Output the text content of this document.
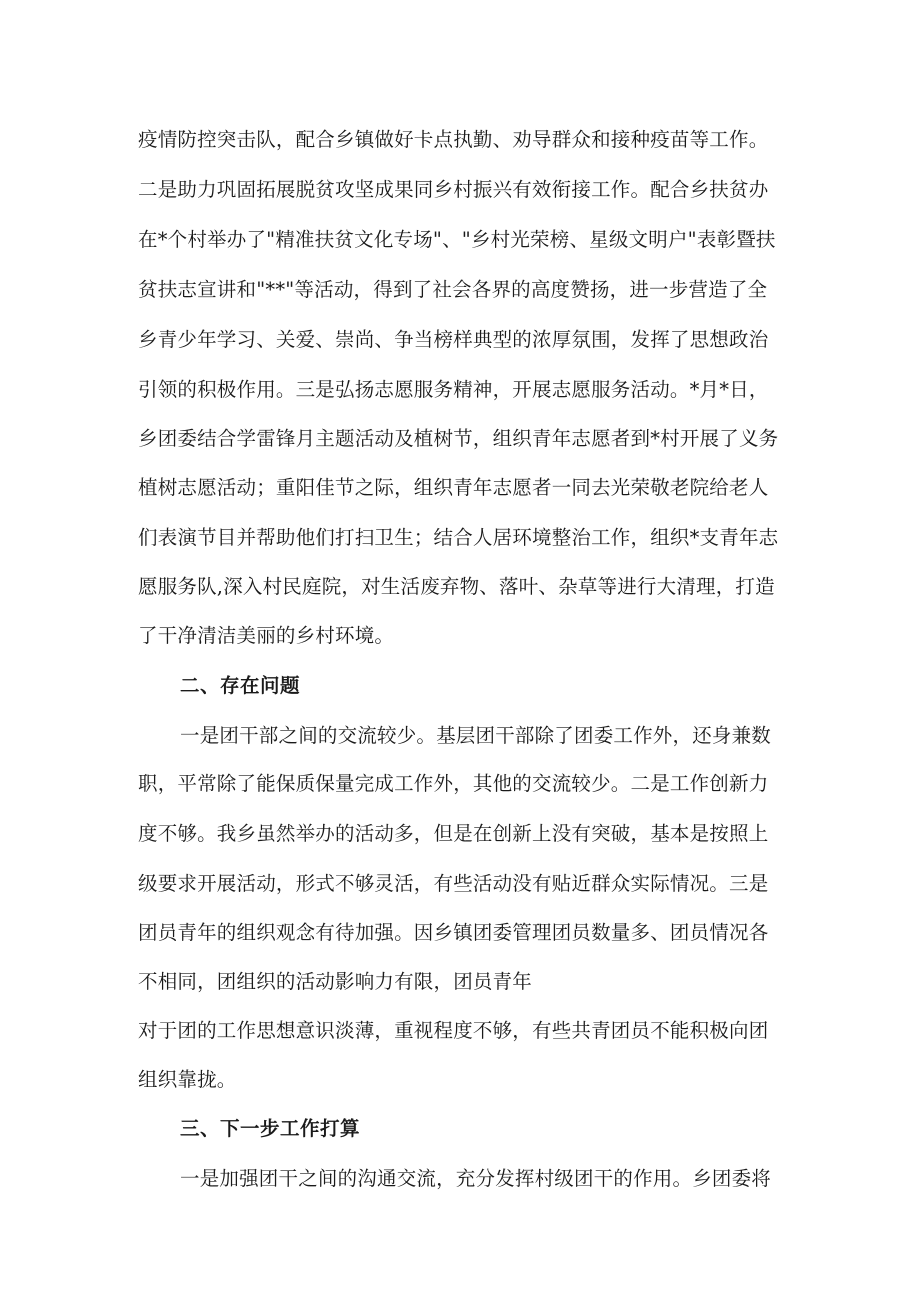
疫情防控突击队，配合乡镇做好卡点执勤、劝导群众和接种疫苗等工作。
二是助力巩固拓展脱贫攻坚成果同乡村振兴有效衔接工作。配合乡扶贫办
在*个村举办了"精准扶贫文化专场"、"乡村光荣榜、星级文明户"表彰暨扶
贫扶志宣讲和"**"等活动，得到了社会各界的高度赞扬，进一步营造了全
乡青少年学习、关爱、崇尚、争当榜样典型的浓厚氛围，发挥了思想政治
引领的积极作用。三是弘扬志愿服务精神，开展志愿服务活动。*月*日，
乡团委结合学雷锋月主题活动及植树节，组织青年志愿者到*村开展了义务
植树志愿活动；重阳佳节之际，组织青年志愿者一同去光荣敬老院给老人
们表演节目并帮助他们打扫卫生；结合人居环境整治工作，组织*支青年志
愿服务队,深入村民庭院，对生活废弃物、落叶、杂草等进行大清理，打造
了干净清洁美丽的乡村环境。
二、存在问题
一是团干部之间的交流较少。基层团干部除了团委工作外，还身兼数
职，平常除了能保质保量完成工作外，其他的交流较少。二是工作创新力
度不够。我乡虽然举办的活动多，但是在创新上没有突破，基本是按照上
级要求开展活动，形式不够灵活，有些活动没有贴近群众实际情况。三是
团员青年的组织观念有待加强。因乡镇团委管理团员数量多、团员情况各
不相同，团组织的活动影响力有限，团员青年
对于团的工作思想意识淡薄，重视程度不够，有些共青团员不能积极向团
组织靠拢。
三、下一步工作打算
一是加强团干之间的沟通交流，充分发挥村级团干的作用。乡团委将
